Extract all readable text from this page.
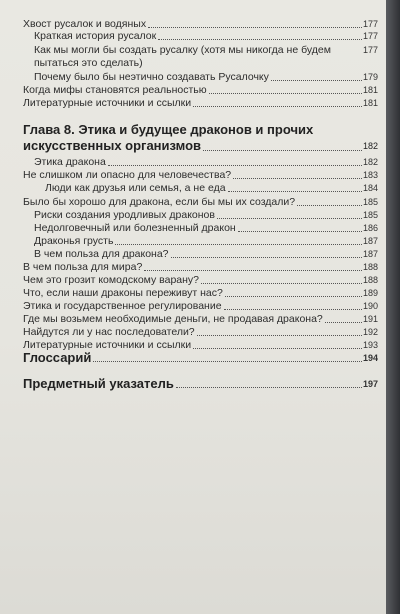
Хвост русалок и водяных	177
Краткая история русалок	177
Как мы могли бы создать русалку (хотя мы никогда не будем	177
пытаться это сделать)
Почему было бы неэтично создавать Русалочку	179
Когда мифы становятся реальностью	181
Литературные источники и ссылки	181
Глава 8. Этика и будущее драконов и прочих
искусственных организмов	182
Этика дракона	182
Не слишком ли опасно для человечества?	183
Люди как друзья или семья, а не еда	184
Было бы хорошо для дракона, если бы мы их создали?	185
Риски создания уродливых драконов	185
Недолговечный или болезненный дракон	186
Драконья грусть	187
В чем польза для дракона?	187
В чем польза для мира?	188
Чем это грозит комодскому варану?	188
Что, если наши драконы переживут нас?	189
Этика и государственное регулирование	190
Где мы возьмем необходимые деньги, не продавая дракона?	191
Найдутся ли у нас последователи?	192
Литературные источники и ссылки	193
Глоссарий	194
Предметный указатель	197
